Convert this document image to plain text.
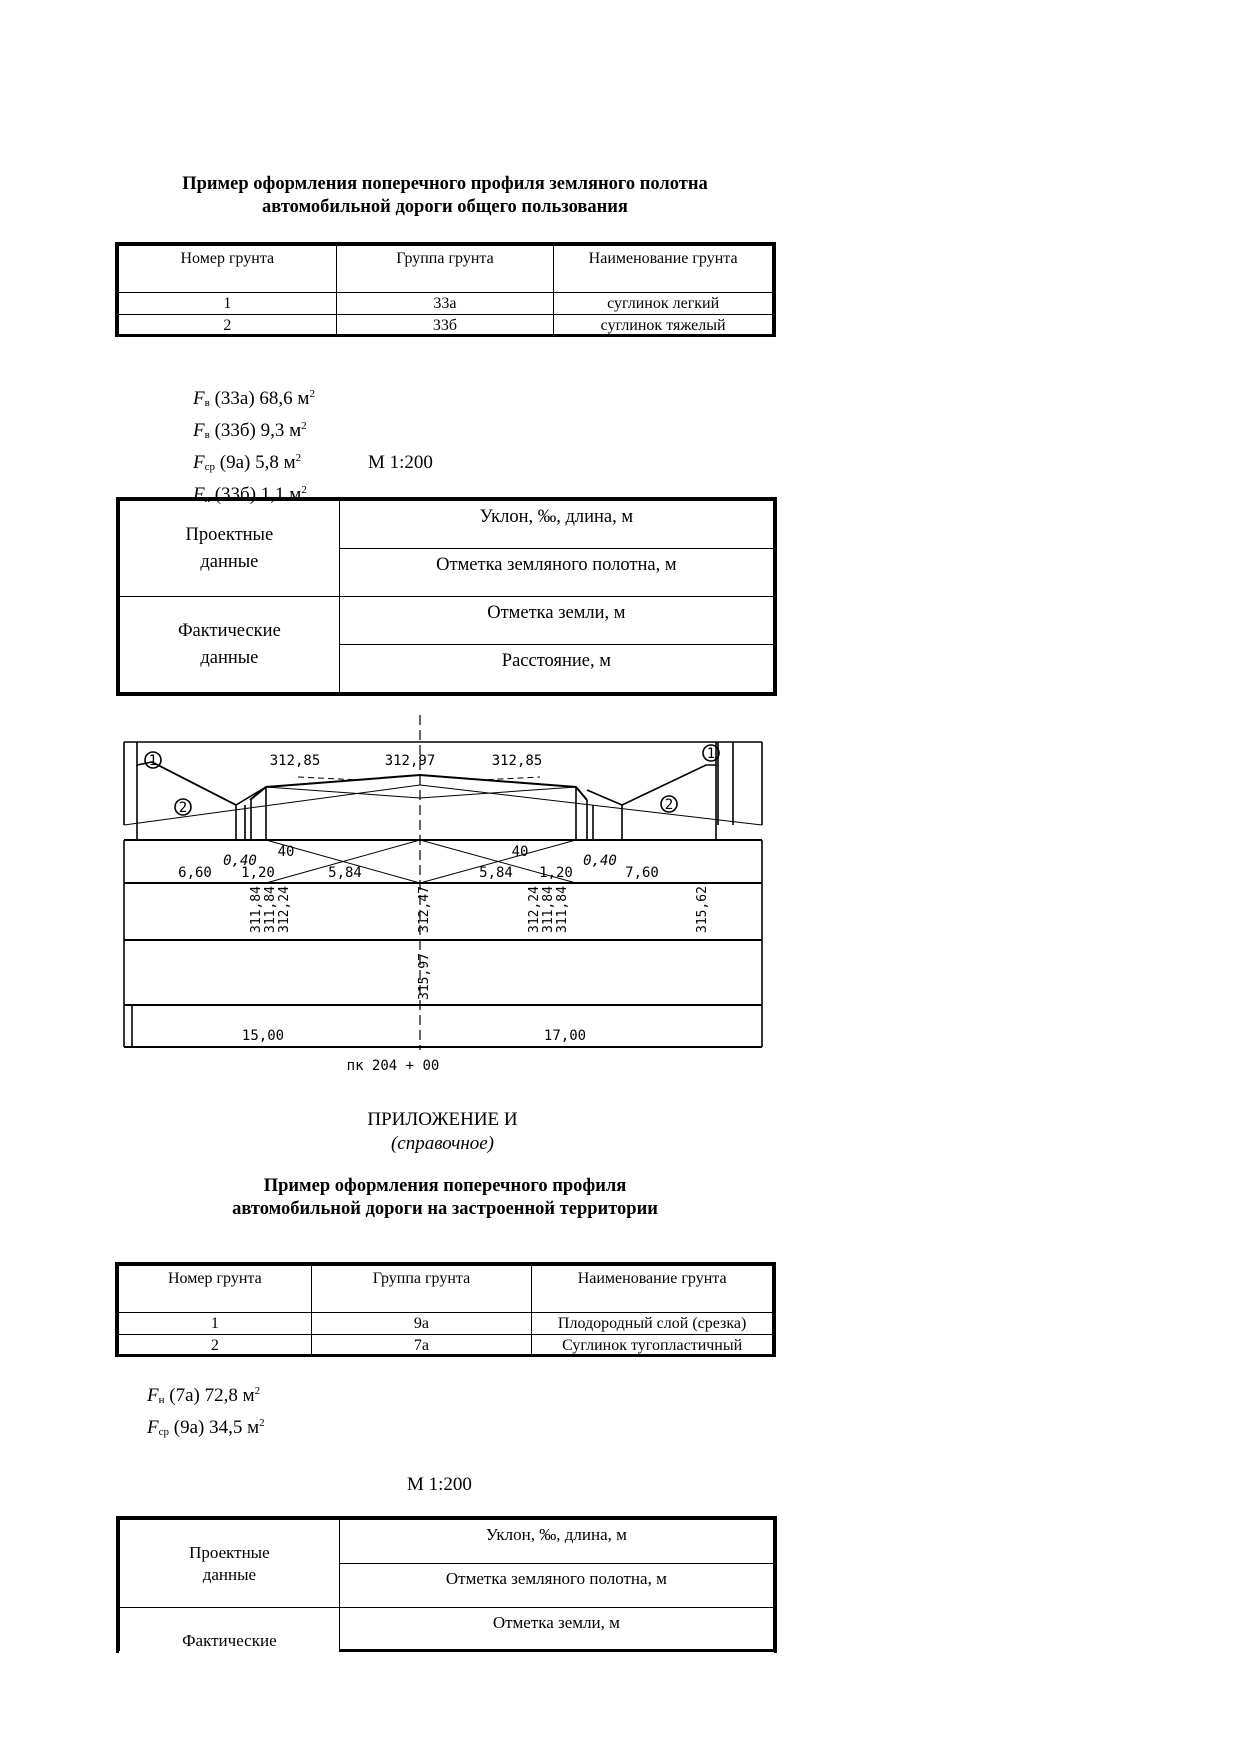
Пример оформления поперечного профиля земляного полотна
автомобильной дороги общего пользования
Номер грунта	Группа грунта	Наименование грунта
1	33а	суглинок легкий
2	33б	суглинок тяжелый
$F_в$ (33а) 68,6 $м^2$
$F_в$ (33б) 9,3 $м^2$
$F_{ср}$ (9а) 5,8 $м^2$
$F_к$ (33б) 1,1 $м^2$
М 1:200
Проектные
данные	Уклон, ‰, длина, м
	Отметка земляного полотна, м

Фактические
данные	Отметка земли, м
	Расстояние, м
1
2	2
1
312,85	312,97	312,85
40	40
6,60
0,40
1,20	5,84	5,84 1,20
0,40
7,60
15,00	17,00
пк 204 + 00
311,84 311,84 312,24	312,47	312,24 311,84 311,84	315,62
315,97
ПРИЛОЖЕНИЕ И
(справочное)
Пример оформления поперечного профиля
автомобильной дороги на застроенной территории
Номер грунта	Группа грунта	Наименование грунта
1	9а	Плодородный слой (срезка)
2	7а	Суглинок тугопластичный
$F_н$ (7а) 72,8 $м^2$
$F_{ср}$ (9а) 34,5 $м^2$
М 1:200
Проектные
данные	Уклон, ‰, длина, м
	Отметка земляного полотна, м
Фактические	Отметка земли, м
